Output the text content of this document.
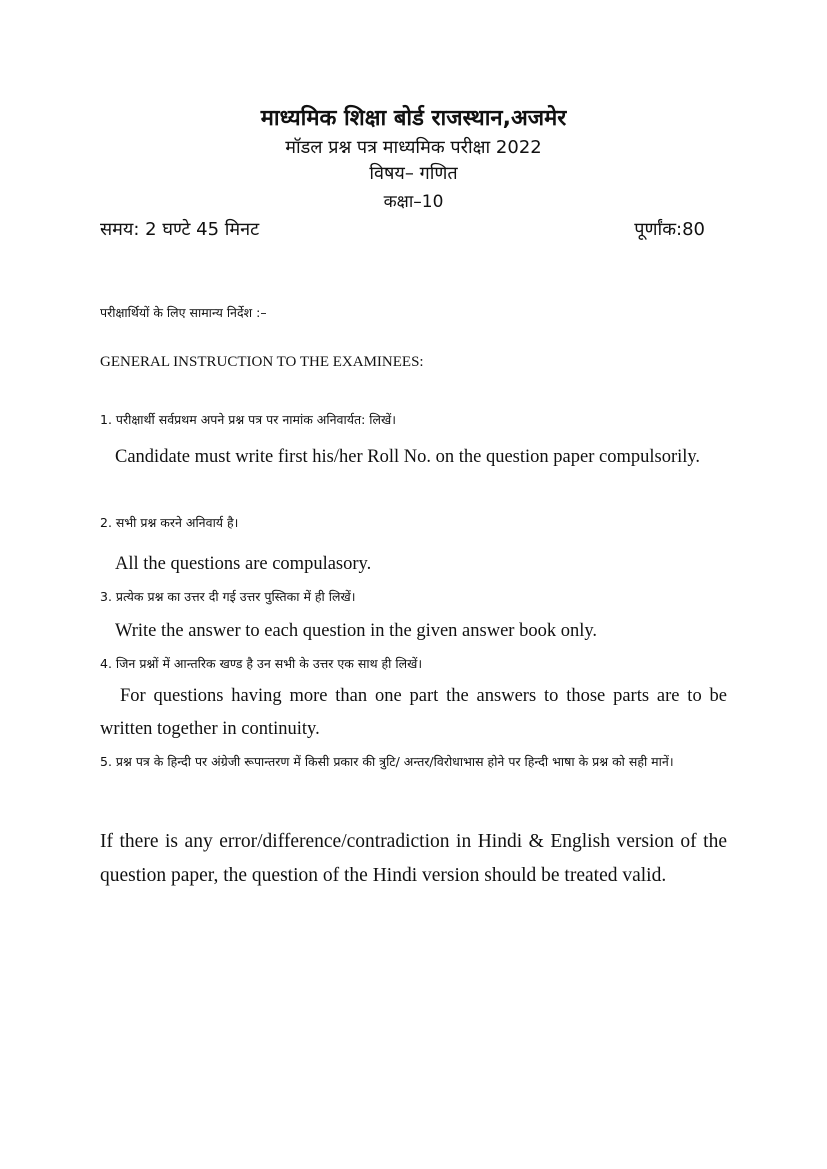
माध्यमिक शिक्षा बोर्ड राजस्थान,अजमेर
मॉडल प्रश्न पत्र माध्यमिक परीक्षा 2022
विषय– गणित
कक्षा–10
समय: 2 घण्टे 45 मिनट	पूर्णांक:80
परीक्षार्थियों के लिए सामान्य निर्देश :–
GENERAL INSTRUCTION TO THE EXAMINEES:
1. परीक्षार्थी सर्वप्रथम अपने प्रश्न पत्र पर नामांक अनिवार्यत: लिखें।
Candidate must write first his/her Roll No. on the question paper compulsorily.
2. सभी प्रश्न करने अनिवार्य है।
All the questions are compulasory.
3. प्रत्येक प्रश्न का उत्तर दी गई उत्तर पुस्तिका में ही लिखें।
Write the answer to each question in the given answer book only.
4. जिन प्रश्नों में आन्तरिक खण्ड है उन सभी के उत्तर एक साथ ही लिखें।
For questions having more than one part the answers to those parts are to be written together in continuity.
5. प्रश्न पत्र के हिन्दी पर अंग्रेजी रूपान्तरण में किसी प्रकार की त्रुटि/ अन्तर/विरोधाभास होने पर हिन्दी भाषा के प्रश्न को सही मानें।
If there is any error/difference/contradiction in Hindi & English version of the question paper, the question of the Hindi version should be treated valid.
